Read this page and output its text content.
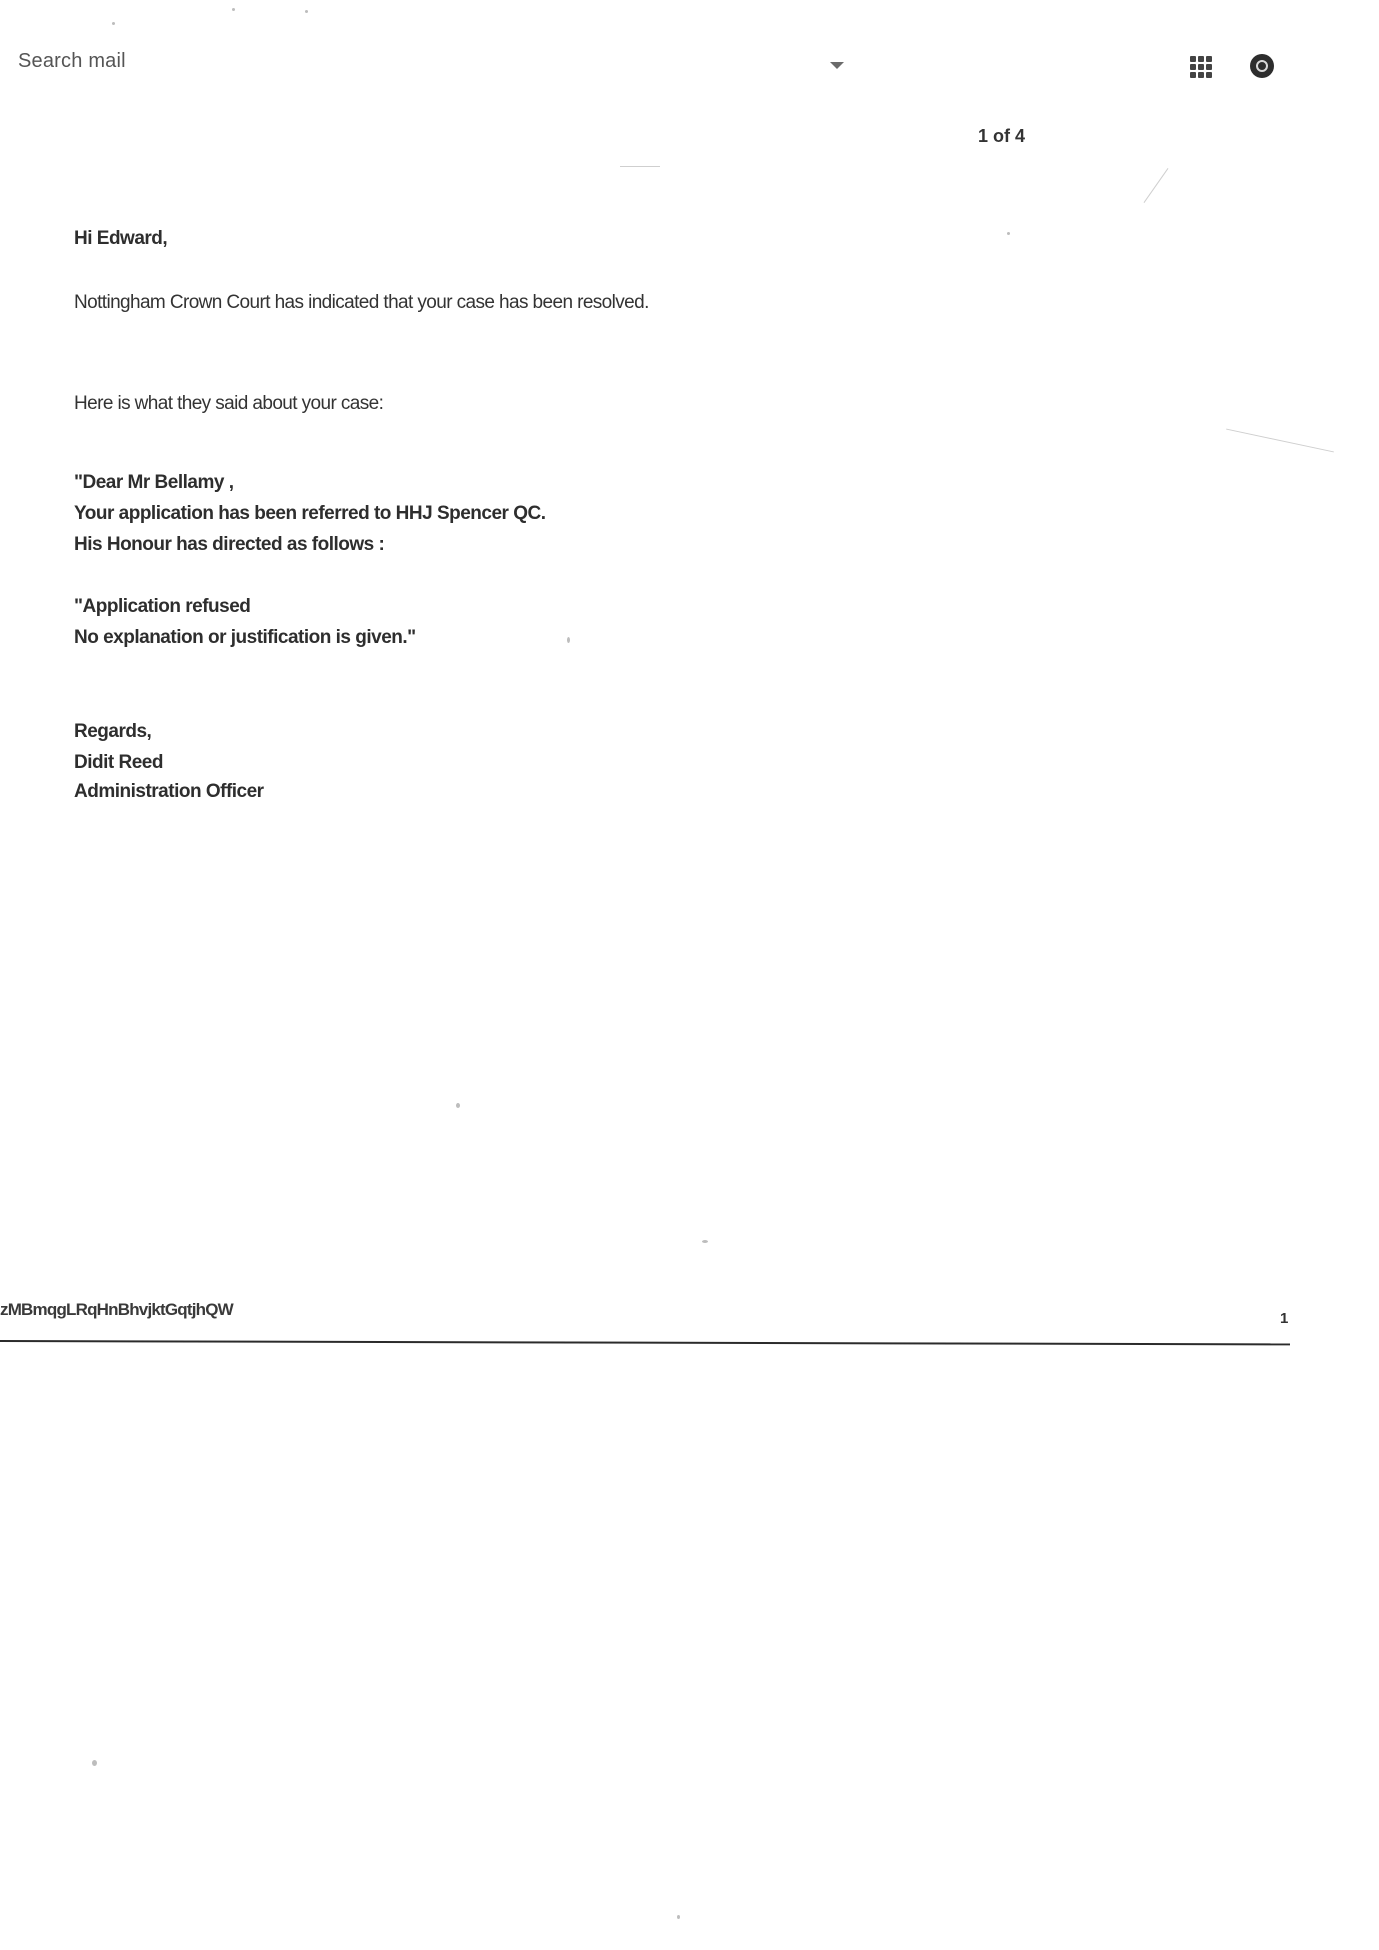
Search mail
1 of 4
Hi Edward,
Nottingham Crown Court has indicated that your case has been resolved.
Here is what they said about your case:
"Dear Mr Bellamy ,
Your application has been referred to HHJ Spencer QC.
His Honour has directed as follows :
"Application refused
No explanation or justification is given."
Regards,
Didit Reed
Administration Officer
zMBmqgLRqHnBhvjktGqtjhQW	1
